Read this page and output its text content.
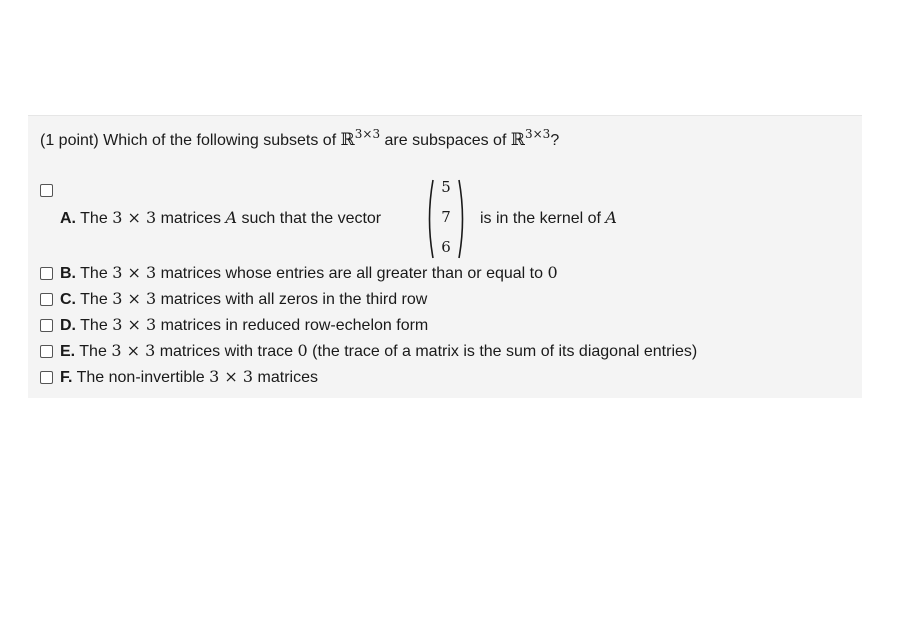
(1 point) Which of the following subsets of ℝ$^{3\times 3}$ are subspaces of ℝ$^{3\times 3}$?
A. The 3 × 3 matrices A such that the vector
5
7
6
is in the kernel of A
B. The 3 × 3 matrices whose entries are all greater than or equal to 0
C. The 3 × 3 matrices with all zeros in the third row
D. The 3 × 3 matrices in reduced row-echelon form
E. The 3 × 3 matrices with trace 0 (the trace of a matrix is the sum of its diagonal entries)
F. The non-invertible 3 × 3 matrices
